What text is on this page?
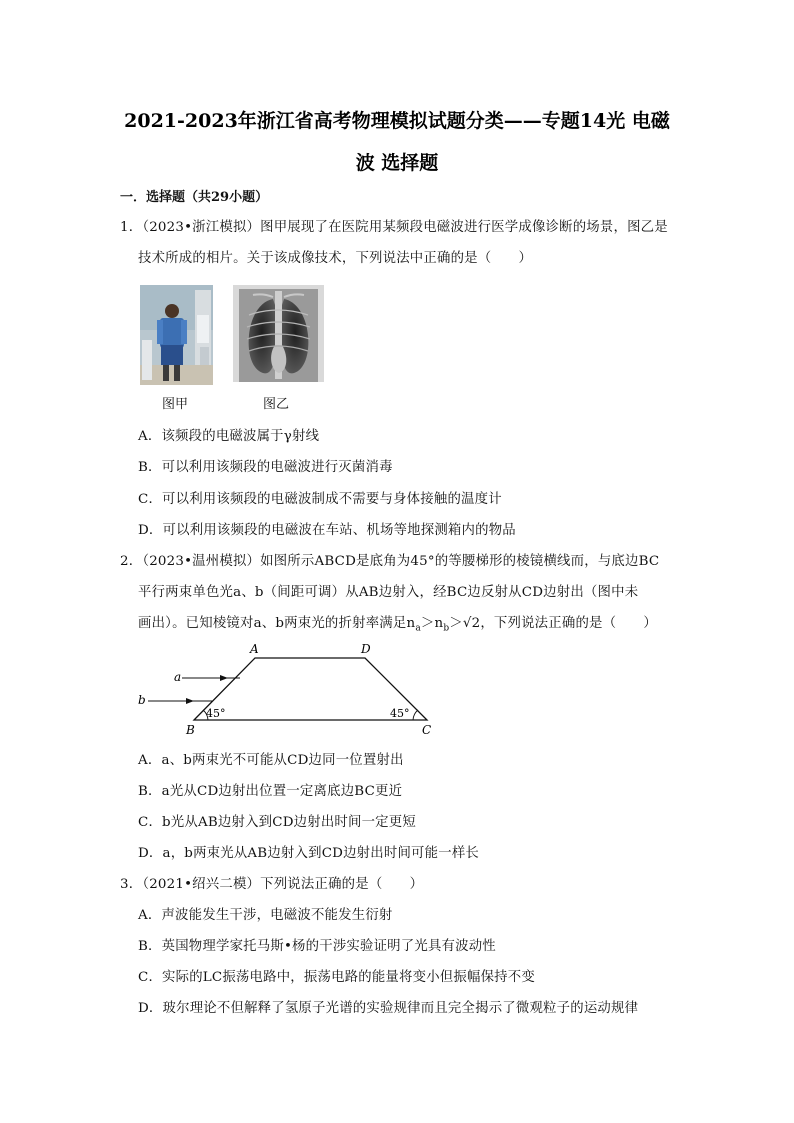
2021-2023年浙江省高考物理模拟试题分类——专题14光 电磁
波 选择题
一．选择题（共29小题）
1．（2023•浙江模拟）图甲展现了在医院用某频段电磁波进行医学成像诊断的场景，图乙是
技术所成的相片。关于该成像技术，下列说法中正确的是（　　）
图甲	图乙
A．该频段的电磁波属于γ射线
B．可以利用该频段的电磁波进行灭菌消毒
C．可以利用该频段的电磁波制成不需要与身体接触的温度计
D．可以利用该频段的电磁波在车站、机场等地探测箱内的物品
2．（2023•温州模拟）如图所示ABCD是底角为45°的等腰梯形的棱镜横线而，与底边BC
平行两束单色光a、b（间距可调）从AB边射入，经BC边反射从CD边射出（图中未
画出）。已知棱镜对a、b两束光的折射率满足$n_a>n_b>√2$，下列说法正确的是（　　）
A	D
B	C
a
b
45°	45°
A．a、b两束光不可能从CD边同一位置射出
B．a光从CD边射出位置一定离底边BC更近
C．b光从AB边射入到CD边射出时间一定更短
D．a，b两束光从AB边射入到CD边射出时间可能一样长
3．（2021•绍兴二模）下列说法正确的是（　　）
A．声波能发生干涉，电磁波不能发生衍射
B．英国物理学家托马斯•杨的干涉实验证明了光具有波动性
C．实际的LC振荡电路中，振荡电路的能量将变小但振幅保持不变
D．玻尔理论不但解释了氢原子光谱的实验规律而且完全揭示了微观粒子的运动规律
